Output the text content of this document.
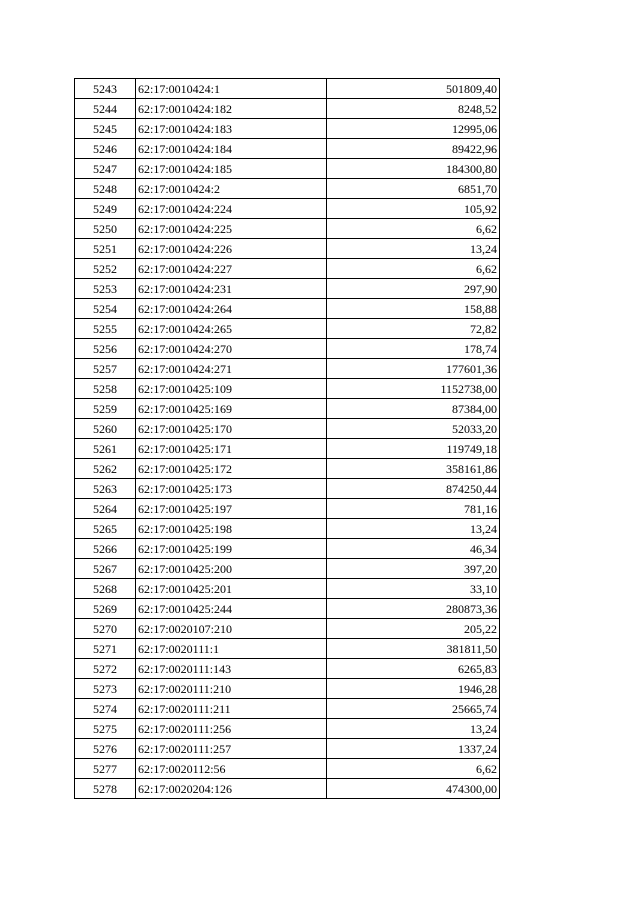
5243	62:17:0010424:1	501809,40
5244	62:17:0010424:182	8248,52
5245	62:17:0010424:183	12995,06
5246	62:17:0010424:184	89422,96
5247	62:17:0010424:185	184300,80
5248	62:17:0010424:2	6851,70
5249	62:17:0010424:224	105,92
5250	62:17:0010424:225	6,62
5251	62:17:0010424:226	13,24
5252	62:17:0010424:227	6,62
5253	62:17:0010424:231	297,90
5254	62:17:0010424:264	158,88
5255	62:17:0010424:265	72,82
5256	62:17:0010424:270	178,74
5257	62:17:0010424:271	177601,36
5258	62:17:0010425:109	1152738,00
5259	62:17:0010425:169	87384,00
5260	62:17:0010425:170	52033,20
5261	62:17:0010425:171	119749,18
5262	62:17:0010425:172	358161,86
5263	62:17:0010425:173	874250,44
5264	62:17:0010425:197	781,16
5265	62:17:0010425:198	13,24
5266	62:17:0010425:199	46,34
5267	62:17:0010425:200	397,20
5268	62:17:0010425:201	33,10
5269	62:17:0010425:244	280873,36
5270	62:17:0020107:210	205,22
5271	62:17:0020111:1	381811,50
5272	62:17:0020111:143	6265,83
5273	62:17:0020111:210	1946,28
5274	62:17:0020111:211	25665,74
5275	62:17:0020111:256	13,24
5276	62:17:0020111:257	1337,24
5277	62:17:0020112:56	6,62
5278	62:17:0020204:126	474300,00
